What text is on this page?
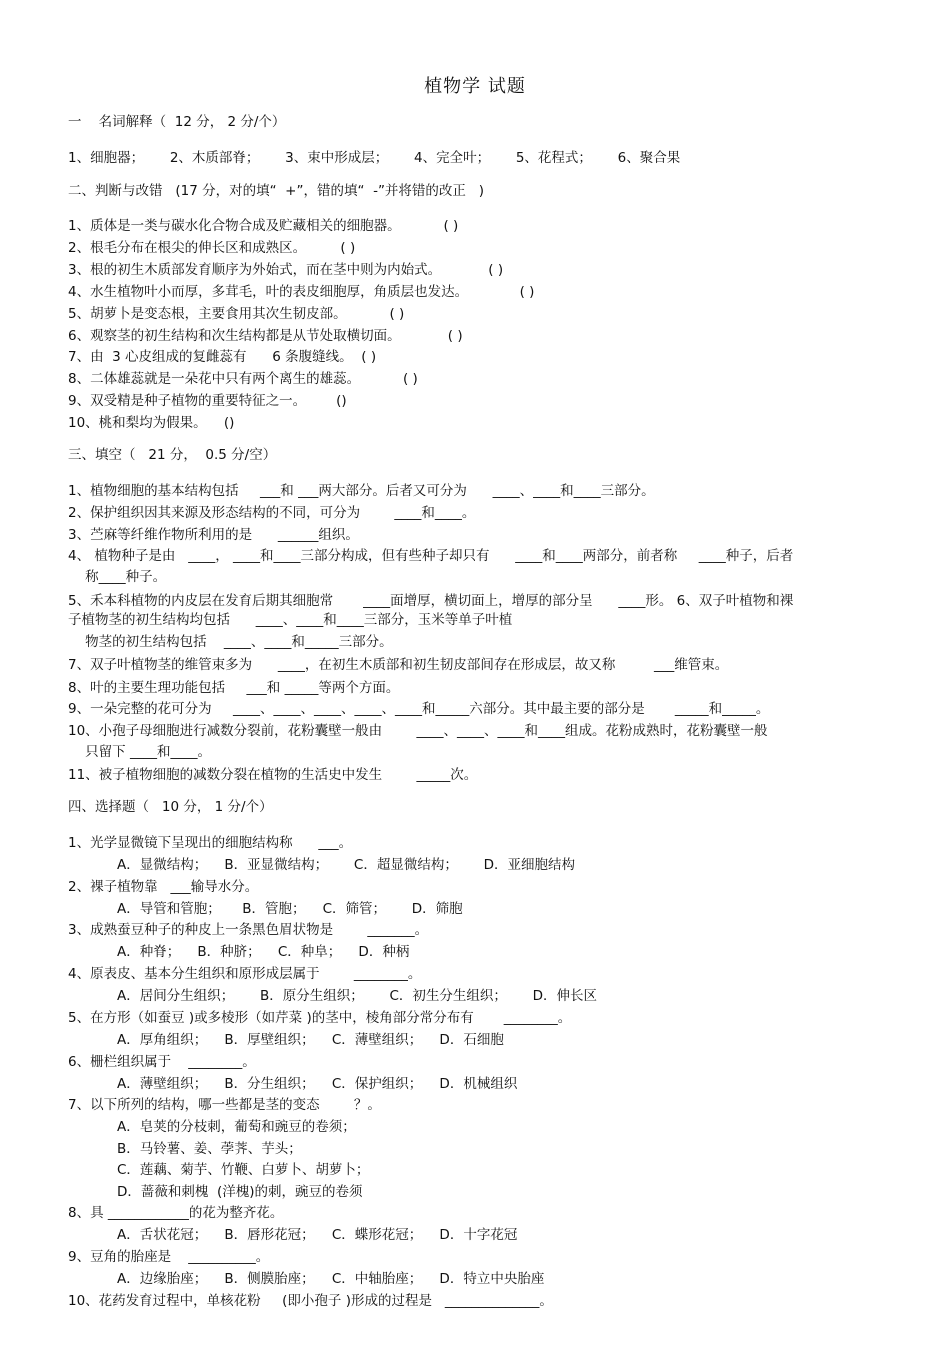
植物学 试题
一    名词解释（  12 分， 2 分/个）
1、细胞器；      2、木质部脊；      3、束中形成层；      4、完全叶；      5、花程式；      6、聚合果
二、判断与改错   (17 分，对的填“  +”，错的填“  -”并将错的改正   )
1、质体是一类与碳水化合物合成及贮藏相关的细胞器。          ( )
2、根毛分布在根尖的伸长区和成熟区。        ( )
3、根的初生木质部发育顺序为外始式，而在茎中则为内始式。           ( )
4、水生植物叶小而厚，多茸毛，叶的表皮细胞厚，角质层也发达。            ( )
5、胡萝卜是变态根，主要食用其次生韧皮部。          ( )
6、观察茎的初生结构和次生结构都是从节处取横切面。           ( )
7、由  3 心皮组成的复雌蕊有      6 条腹缝线。  ( )
8、二体雄蕊就是一朵花中只有两个离生的雄蕊。          ( )
9、双受精是种子植物的重要特征之一。       ()
10、桃和梨均为假果。    ()
三、填空（   21 分，  0.5 分/空）
1、植物细胞的基本结构包括     ___和 ___两大部分。后者又可分为      ____、____和____三部分。
2、保护组织因其来源及形态结构的不同，可分为        ____和____。
3、苎麻等纤维作物所利用的是      ______组织。
4、 植物种子是由   ____， ____和____三部分构成，但有些种子却只有      ____和____两部分，前者称     ____种子，后者
称____种子。
5、禾本科植物的内皮层在发育后期其细胞常       ____面增厚，横切面上，增厚的部分呈      ____形。 6、双子叶植物和裸
子植物茎的初生结构均包括      ____、____和____三部分，玉米等单子叶植
物茎的初生结构包括    ____、____和_____三部分。
7、双子叶植物茎的维管束多为      ____，在初生木质部和初生韧皮部间存在形成层，故又称         ___维管束。
8、叶的主要生理功能包括     ___和 _____等两个方面。
9、一朵完整的花可分为     ____、____、____、____、____和_____六部分。其中最主要的部分是       _____和_____。
10、小孢子母细胞进行减数分裂前，花粉囊壁一般由        ____、____、____和____组成。花粉成熟时，花粉囊壁一般
只留下 ____和____。
11、被子植物细胞的减数分裂在植物的生活史中发生        _____次。
四、选择题（   10 分， 1 分/个）
1、光学显微镜下呈现出的细胞结构称      ___。
A．显微结构；    B．亚显微结构；      C．超显微结构；      D．亚细胞结构
2、裸子植物靠   ___输导水分。
A．导管和管胞；     B．管胞；    C．筛管；      D．筛胞
3、成熟蚕豆种子的种皮上一条黑色眉状物是        _______。
A．种脊；    B．种脐；    C．种阜；    D．种柄
4、原表皮、基本分生组织和原形成层属于        ________。
A．居间分生组织；      B．原分生组织；      C．初生分生组织；      D．伸长区
5、在方形（如蚕豆 )或多棱形（如芹菜 )的茎中，棱角部分常分布有       ________。
A．厚角组织；    B．厚壁组织；    C．薄壁组织；    D．石细胞
6、栅栏组织属于    ________。
A．薄壁组织；    B．分生组织；    C．保护组织；    D．机械组织
7、以下所列的结构，哪一些都是茎的变态        ？。
A．皂荚的分枝刺，葡萄和豌豆的卷须；
B．马铃薯、姜、荸荠、芋头；
C．莲藕、菊芋、竹鞭、白萝卜、胡萝卜；
D．蔷薇和刺槐  (洋槐)的刺，豌豆的卷须
8、具 ____________的花为整齐花。
A．舌状花冠；    B．唇形花冠；    C．蝶形花冠；    D．十字花冠
9、豆角的胎座是    __________。
A．边缘胎座；    B．侧膜胎座；    C．中轴胎座；    D．特立中央胎座
10、花药发育过程中，单核花粉     (即小孢子 )形成的过程是   ______________。
